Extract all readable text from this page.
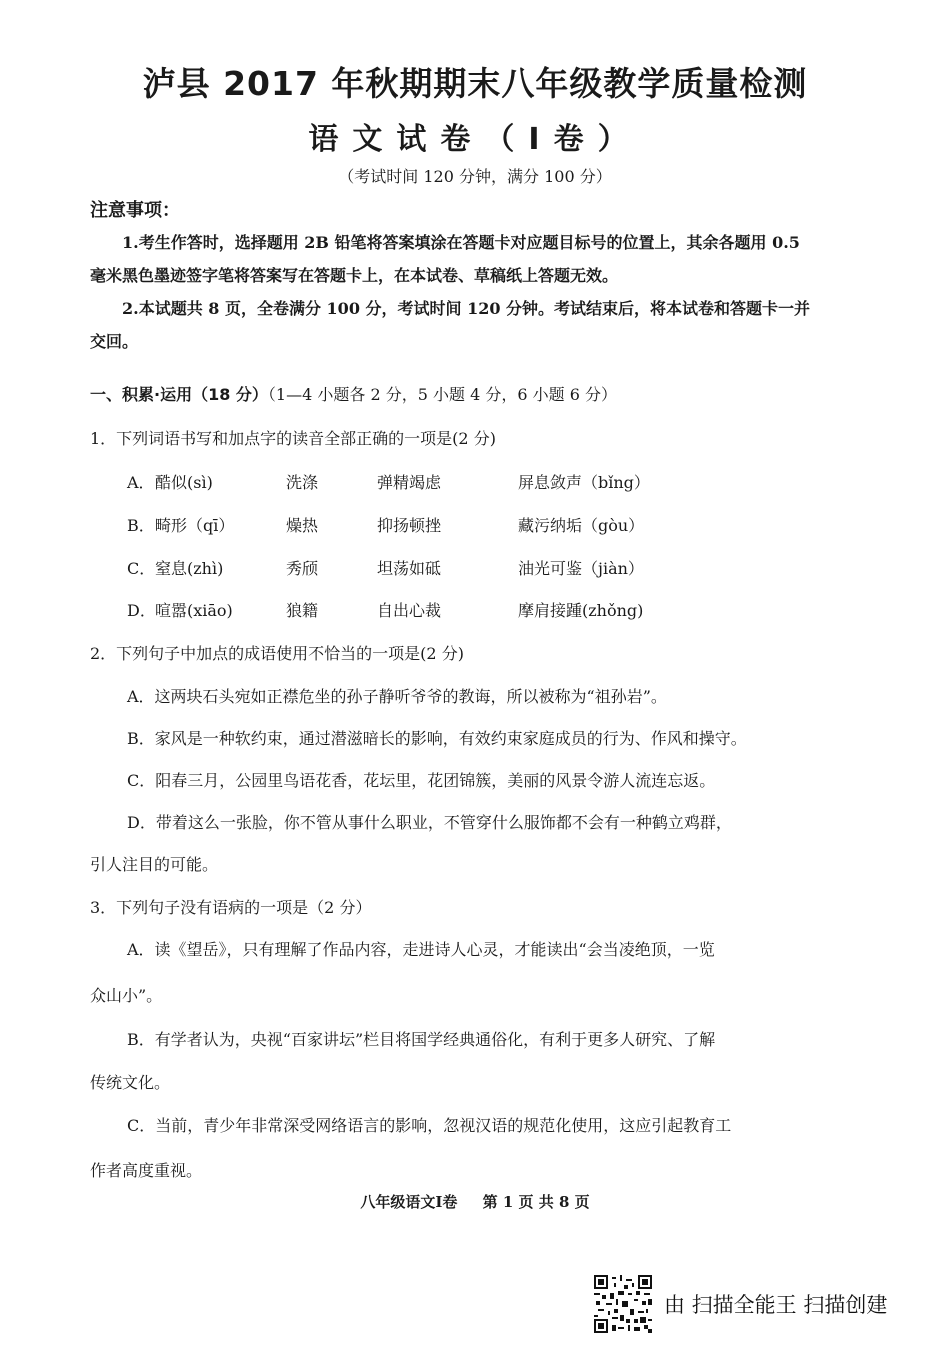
泸县 2017 年秋期期末八年级教学质量检测
语文试卷（Ⅰ卷）
（考试时间 120 分钟，满分 100 分）
注意事项：
1.考生作答时，选择题用 2B 铅笔将答案填涂在答题卡对应题目标号的位置上，其余各题用 0.5 毫米黑色墨迹签字笔将答案写在答题卡上，在本试卷、草稿纸上答题无效。
2.本试题共 8 页，全卷满分 100 分，考试时间 120 分钟。考试结束后，将本试卷和答题卡一并交回。
一、积累·运用（18 分）（1—4 小题各 2 分，5 小题 4 分，6 小题 6 分）
1．下列词语书写和加点字的读音全部正确的一项是(2 分)
A． 酷似(sì)	洗涤	弹精竭虑	屏息敛声（bǐng）
B． 畸形（qī）	燥热	抑扬顿挫	藏污纳垢（gòu）
C． 窒息(zhì)	秀颀	坦荡如砥	油光可鉴（jiàn）
D． 喧嚣(xiāo)	狼籍	自出心裁	摩肩接踵(zhǒng)
2．下列句子中加点的成语使用不恰当的一项是(2 分)
A．这两块石头宛如正襟危坐的孙子静听爷爷的教诲，所以被称为“祖孙岩”。
B．家风是一种软约束，通过潜滋暗长的影响，有效约束家庭成员的行为、作风和操守。
C．阳春三月，公园里鸟语花香，花坛里，花团锦簇，美丽的风景令游人流连忘返。
D．带着这么一张脸，你不管从事什么职业，不管穿什么服饰都不会有一种鹤立鸡群，
引人注目的可能。
3．下列句子没有语病的一项是（2 分）
A．读《望岳》，只有理解了作品内容，走进诗人心灵，才能读出“会当凌绝顶，一览
众山小”。
B．有学者认为，央视“百家讲坛”栏目将国学经典通俗化，有利于更多人研究、了解
传统文化。
C．当前，青少年非常深受网络语言的影响，忽视汉语的规范化使用，这应引起教育工
作者高度重视。
八年级语文Ⅰ卷 第 1 页 共 8 页
由 扫描全能王 扫描创建
